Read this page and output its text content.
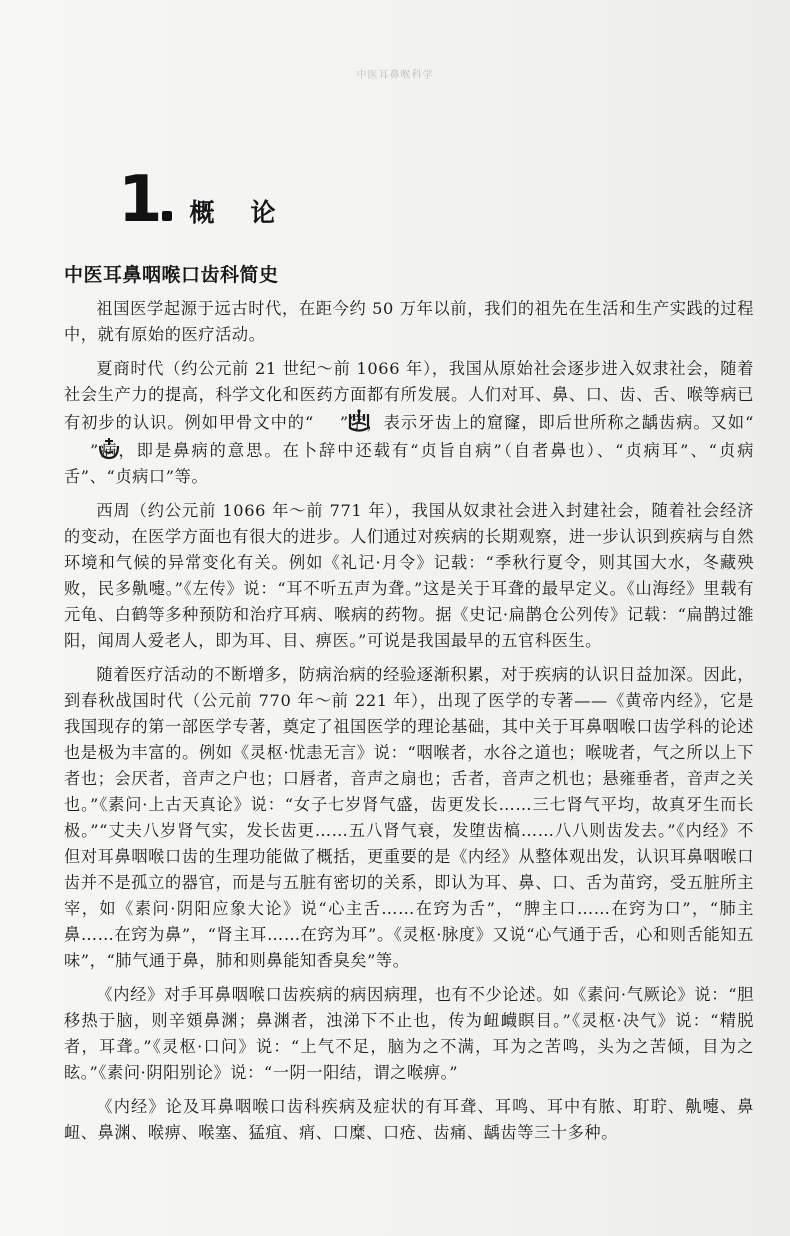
中医耳鼻喉科学
1 概论
中医耳鼻咽喉口齿科简史

祖国医学起源于远古时代，在距今约 50 万年以前，我们的祖先在生活和生产实践的过程中，就有原始的医疗活动。

夏商时代（约公元前 21 世纪～前 1066 年），我国从原始社会逐步进入奴隶社会，随着社会生产力的提高，科学文化和医药方面都有所发展。人们对耳、鼻、口、齿、舌、喉等病已有初步的认识。例如甲骨文中的“ ”字，表示牙齿上的窟窿，即后世所称之龋齿病。又如“”病，即是鼻病的意思。在卜辞中还载有“贞旨自病”（自者鼻也）、“贞病耳”、“贞病舌”、“贞病口”等。

西周（约公元前 1066 年～前 771 年），我国从奴隶社会进入封建社会，随着社会经济的变动，在医学方面也有很大的进步。人们通过对疾病的长期观察，进一步认识到疾病与自然环境和气候的异常变化有关。例如《礼记·月令》记载：“季秋行夏令，则其国大水，冬藏殃败，民多鼽嚏。”《左传》说：“耳不听五声为聋。”这是关于耳聋的最早定义。《山海经》里载有元龟、白鹤等多种预防和治疗耳病、喉病的药物。据《史记·扁鹊仓公列传》记载：“扁鹊过雒阳，闻周人爱老人，即为耳、目、痹医。”可说是我国最早的五官科医生。

随着医疗活动的不断增多，防病治病的经验逐渐积累，对于疾病的认识日益加深。因此，到春秋战国时代（公元前 770 年～前 221 年），出现了医学的专著——《黄帝内经》，它是我国现存的第一部医学专著，奠定了祖国医学的理论基础，其中关于耳鼻咽喉口齿学科的论述也是极为丰富的。例如《灵枢·忧恚无言》说：“咽喉者，水谷之道也；喉咙者，气之所以上下者也；会厌者，音声之户也；口唇者，音声之扇也；舌者，音声之机也；悬雍垂者，音声之关也。”《素问·上古天真论》说：“女子七岁肾气盛，齿更发长……三七肾气平均，故真牙生而长极。”“丈夫八岁肾气实，发长齿更……五八肾气衰，发堕齿槁……八八则齿发去。”《内经》不但对耳鼻咽喉口齿的生理功能做了概括，更重要的是《内经》从整体观出发，认识耳鼻咽喉口齿并不是孤立的器官，而是与五脏有密切的关系，即认为耳、鼻、口、舌为苗窍，受五脏所主宰，如《素问·阴阳应象大论》说“心主舌……在窍为舌”，“脾主口……在窍为口”，“肺主鼻……在窍为鼻”，“肾主耳……在窍为耳”。《灵枢·脉度》又说“心气通于舌，心和则舌能知五味”，“肺气通于鼻，肺和则鼻能知香臭矣”等。

《内经》对手耳鼻咽喉口齿疾病的病因病理，也有不少论述。如《素问·气厥论》说：“胆移热于脑，则辛頞鼻渊；鼻渊者，浊涕下不止也，传为衄衊瞑目。”《灵枢·决气》说：“精脱者，耳聋。”《灵枢·口问》说：“上气不足，脑为之不满，耳为之苦鸣，头为之苦倾，目为之眩。”《素问·阴阳别论》说：“一阴一阳结，谓之喉痹。”

《内经》论及耳鼻咽喉口齿科疾病及症状的有耳聋、耳鸣、耳中有脓、耵聍、鼽嚏、鼻衄、鼻渊、喉痹、喉塞、猛疽、痟、口糜、口疮、齿痛、龋齿等三十多种。
